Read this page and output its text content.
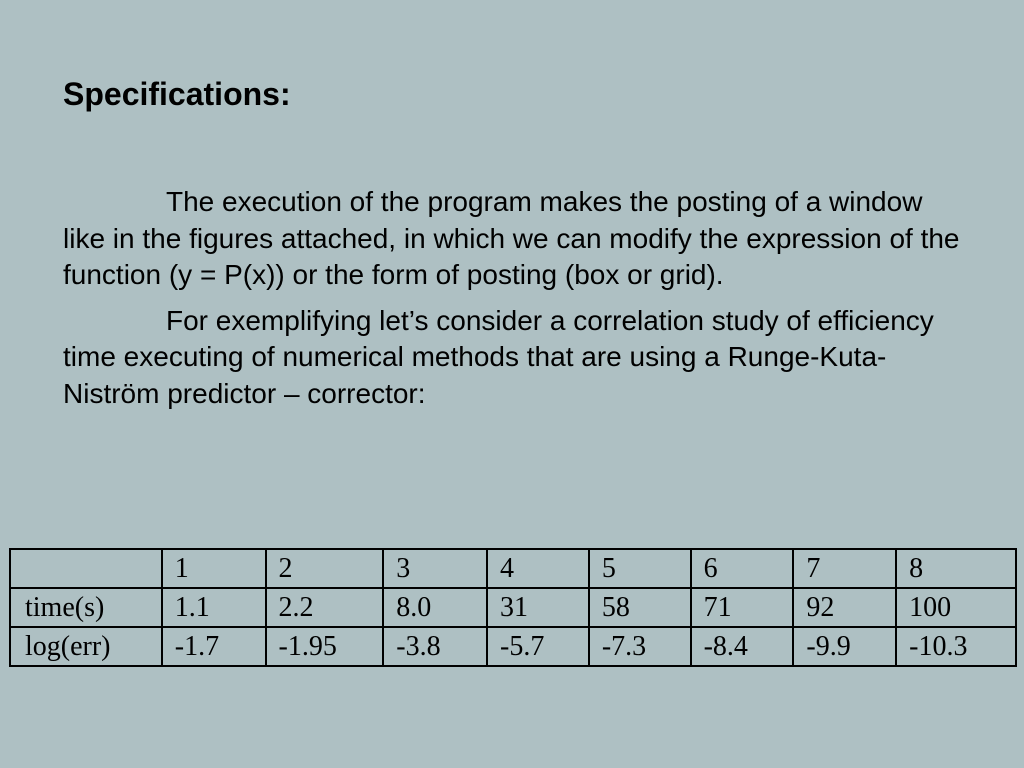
Specifications:

The execution of the program makes the posting of a window like in the figures attached, in which we can modify the expression of the function (y = P(x)) or the form of posting (box or grid).

For exemplifying let’s consider a correlation study of efficiency time executing of numerical methods that are using a Runge-Kuta-Niström predictor – corrector:

	1	2	3	4	5	6	7	8
time(s)	1.1	2.2	8.0	31	58	71	92	100
log(err)	-1.7	-1.95	-3.8	-5.7	-7.3	-8.4	-9.9	-10.3
